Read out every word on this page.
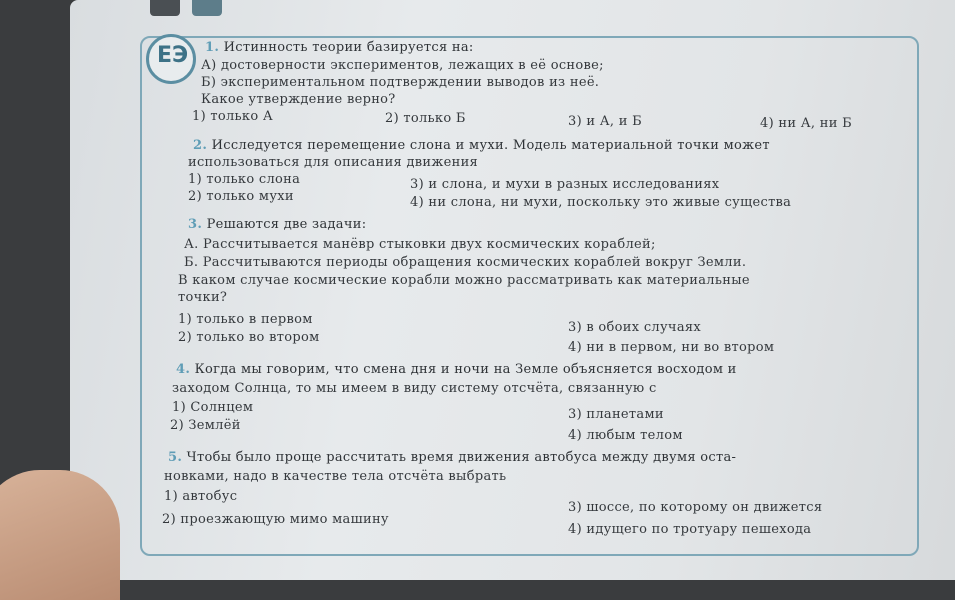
ЕЭ 1. Истинность теории базируется на:
А) достоверности экспериментов, лежащих в её основе;
Б) экспериментальном подтверждении выводов из неё.
Какое утверждение верно?
1) только А	2) только Б	3) и А, и Б	4) ни А, ни Б
2. Исследуется перемещение слона и мухи. Модель материальной точки может
использоваться для описания движения
1) только слона
2) только мухи
3) и слона, и мухи в разных исследованиях
4) ни слона, ни мухи, поскольку это живые существа
3. Решаются две задачи:
А. Рассчитывается манёвр стыковки двух космических кораблей;
Б. Рассчитываются периоды обращения космических кораблей вокруг Земли.
В каком случае космические корабли можно рассматривать как материальные
точки?
1) только в первом
2) только во втором
3) в обоих случаях
4) ни в первом, ни во втором
4. Когда мы говорим, что смена дня и ночи на Земле объясняется восходом и
заходом Солнца, то мы имеем в виду систему отсчёта, связанную с
1) Солнцем
2) Землёй
3) планетами
4) любым телом
5. Чтобы было проще рассчитать время движения автобуса между двумя оста-
новками, надо в качестве тела отсчёта выбрать
1) автобус
2) проезжающую мимо машину
3) шоссе, по которому он движется
4) идущего по тротуару пешехода
